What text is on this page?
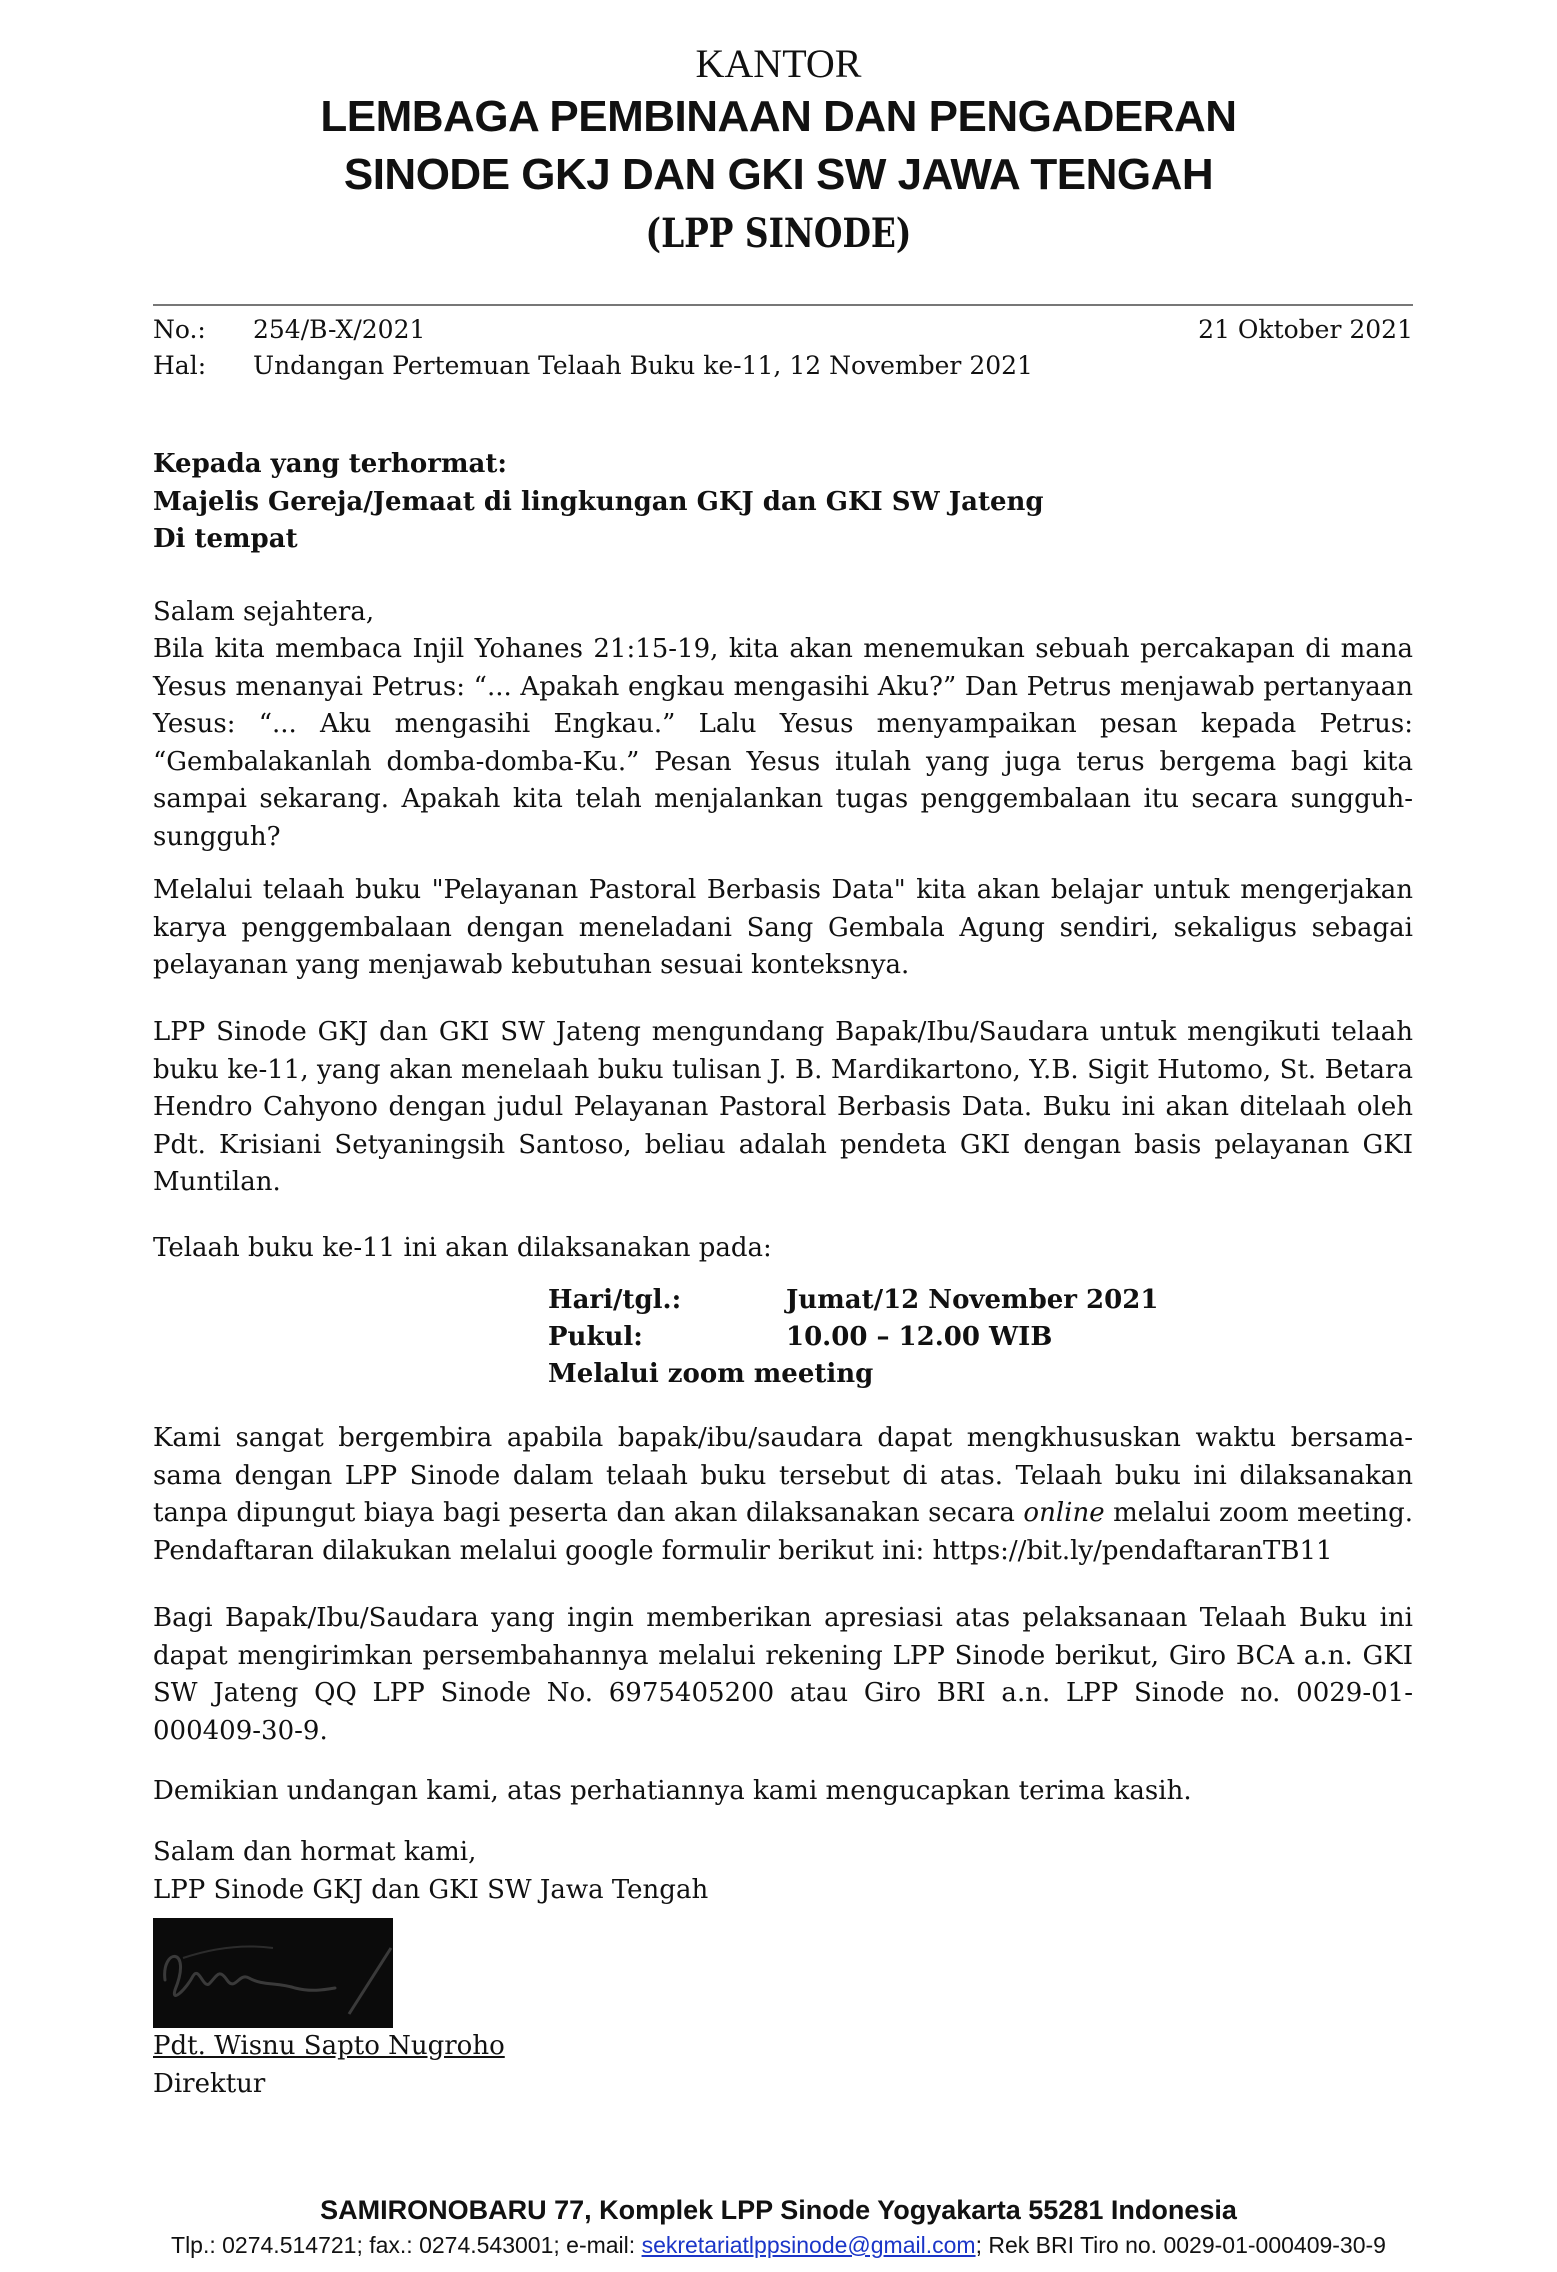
KANTOR
LEMBAGA PEMBINAAN DAN PENGADERAN
SINODE GKJ DAN GKI SW JAWA TENGAH
(LPP SINODE)
No.:	254/B-X/2021	21 Oktober 2021
Hal:	Undangan Pertemuan Telaah Buku ke-11, 12 November 2021
Kepada yang terhormat:
Majelis Gereja/Jemaat di lingkungan GKJ dan GKI SW Jateng
Di tempat
Salam sejahtera,
Bila kita membaca Injil Yohanes 21:15-19, kita akan menemukan sebuah percakapan di mana Yesus menanyai Petrus: “... Apakah engkau mengasihi Aku?” Dan Petrus menjawab pertanyaan Yesus: “... Aku mengasihi Engkau.” Lalu Yesus menyampaikan pesan kepada Petrus: “Gembalakanlah domba-domba-Ku.” Pesan Yesus itulah yang juga terus bergema bagi kita sampai sekarang. Apakah kita telah menjalankan tugas penggembalaan itu secara sungguh-sungguh?
Melalui telaah buku "Pelayanan Pastoral Berbasis Data" kita akan belajar untuk mengerjakan karya penggembalaan dengan meneladani Sang Gembala Agung sendiri, sekaligus sebagai pelayanan yang menjawab kebutuhan sesuai konteksnya.
LPP Sinode GKJ dan GKI SW Jateng mengundang Bapak/Ibu/Saudara untuk mengikuti telaah buku ke-11, yang akan menelaah buku tulisan J. B. Mardikartono, Y.B. Sigit Hutomo, St. Betara Hendro Cahyono dengan judul Pelayanan Pastoral Berbasis Data. Buku ini akan ditelaah oleh Pdt. Krisiani Setyaningsih Santoso, beliau adalah pendeta GKI dengan basis pelayanan GKI Muntilan.
Telaah buku ke-11 ini akan dilaksanakan pada:
Hari/tgl.:	Jumat/12 November 2021
Pukul:	10.00 – 12.00 WIB
Melalui zoom meeting
Kami sangat bergembira apabila bapak/ibu/saudara dapat mengkhususkan waktu bersama-sama dengan LPP Sinode dalam telaah buku tersebut di atas. Telaah buku ini dilaksanakan tanpa dipungut biaya bagi peserta dan akan dilaksanakan secara online melalui zoom meeting. Pendaftaran dilakukan melalui google formulir berikut ini: https://bit.ly/pendaftaranTB11
Bagi Bapak/Ibu/Saudara yang ingin memberikan apresiasi atas pelaksanaan Telaah Buku ini dapat mengirimkan persembahannya melalui rekening LPP Sinode berikut, Giro BCA a.n. GKI SW Jateng QQ LPP Sinode No. 6975405200 atau Giro BRI a.n. LPP Sinode no. 0029-01-000409-30-9.
Demikian undangan kami, atas perhatiannya kami mengucapkan terima kasih.
Salam dan hormat kami,
LPP Sinode GKJ dan GKI SW Jawa Tengah
Pdt. Wisnu Sapto Nugroho
Direktur
SAMIRONOBARU 77, Komplek LPP Sinode Yogyakarta 55281 Indonesia
Tlp.: 0274.514721; fax.: 0274.543001; e-mail: sekretariatlppsinode@gmail.com; Rek BRI Tiro no. 0029-01-000409-30-9
